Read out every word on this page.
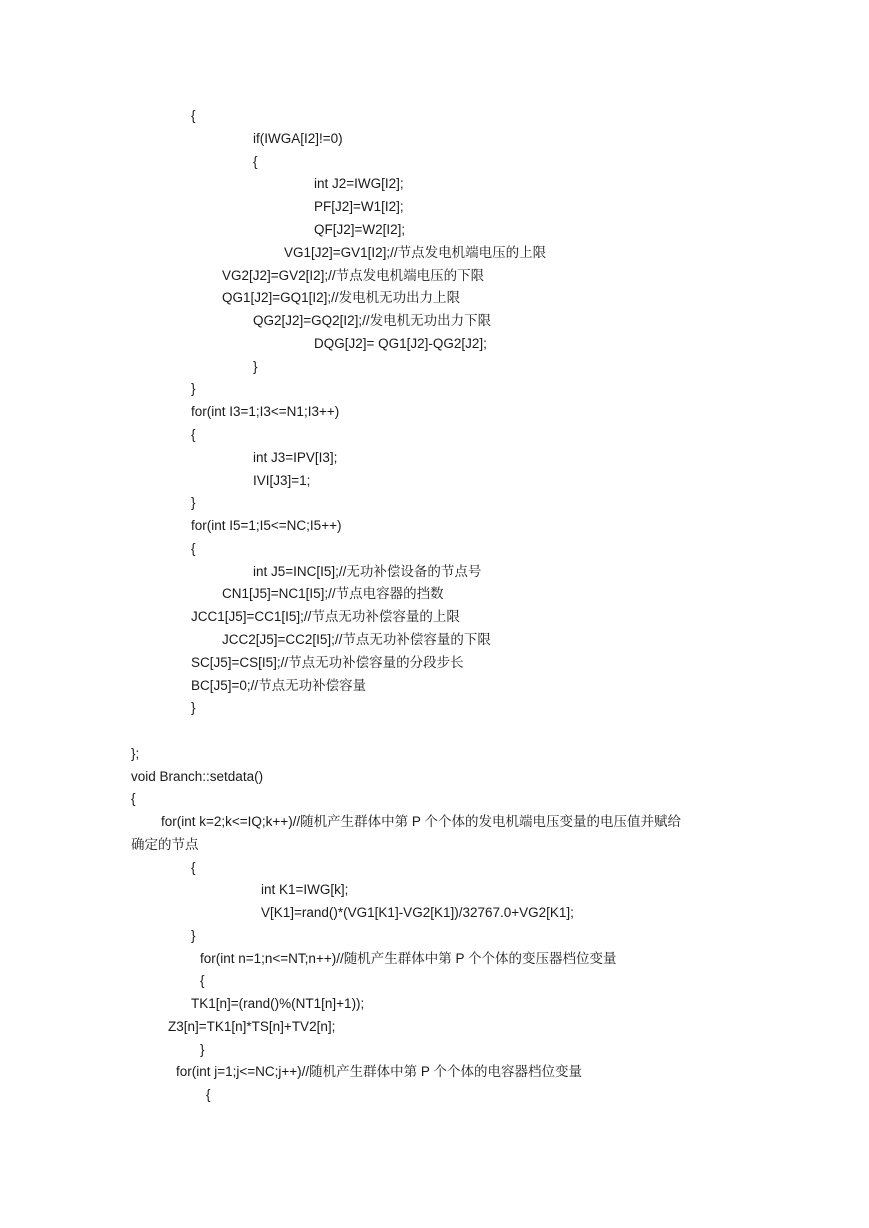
{
if(IWGA[I2]!=0)
{
int J2=IWG[I2];
PF[J2]=W1[I2];
QF[J2]=W2[I2];
VG1[J2]=GV1[I2];//节点发电机端电压的上限
VG2[J2]=GV2[I2];//节点发电机端电压的下限
QG1[J2]=GQ1[I2];//发电机无功出力上限
QG2[J2]=GQ2[I2];//发电机无功出力下限
DQG[J2]= QG1[J2]-QG2[J2];
}
}
for(int I3=1;I3<=N1;I3++)
{
int J3=IPV[I3];
IVI[J3]=1;
}
for(int I5=1;I5<=NC;I5++)
{
int J5=INC[I5];//无功补偿设备的节点号
CN1[J5]=NC1[I5];//节点电容器的挡数
JCC1[J5]=CC1[I5];//节点无功补偿容量的上限
JCC2[J5]=CC2[I5];//节点无功补偿容量的下限
SC[J5]=CS[I5];//节点无功补偿容量的分段步长
BC[J5]=0;//节点无功补偿容量
}
};
void Branch::setdata()
{
for(int k=2;k<=IQ;k++)//随机产生群体中第 P 个个体的发电机端电压变量的电压值并赋给
确定的节点
{
int K1=IWG[k];
V[K1]=rand()*(VG1[K1]-VG2[K1])/32767.0+VG2[K1];
}
for(int n=1;n<=NT;n++)//随机产生群体中第 P 个个体的变压器档位变量
{
TK1[n]=(rand()%(NT1[n]+1));
Z3[n]=TK1[n]*TS[n]+TV2[n];
}
for(int j=1;j<=NC;j++)//随机产生群体中第 P 个个体的电容器档位变量
{
